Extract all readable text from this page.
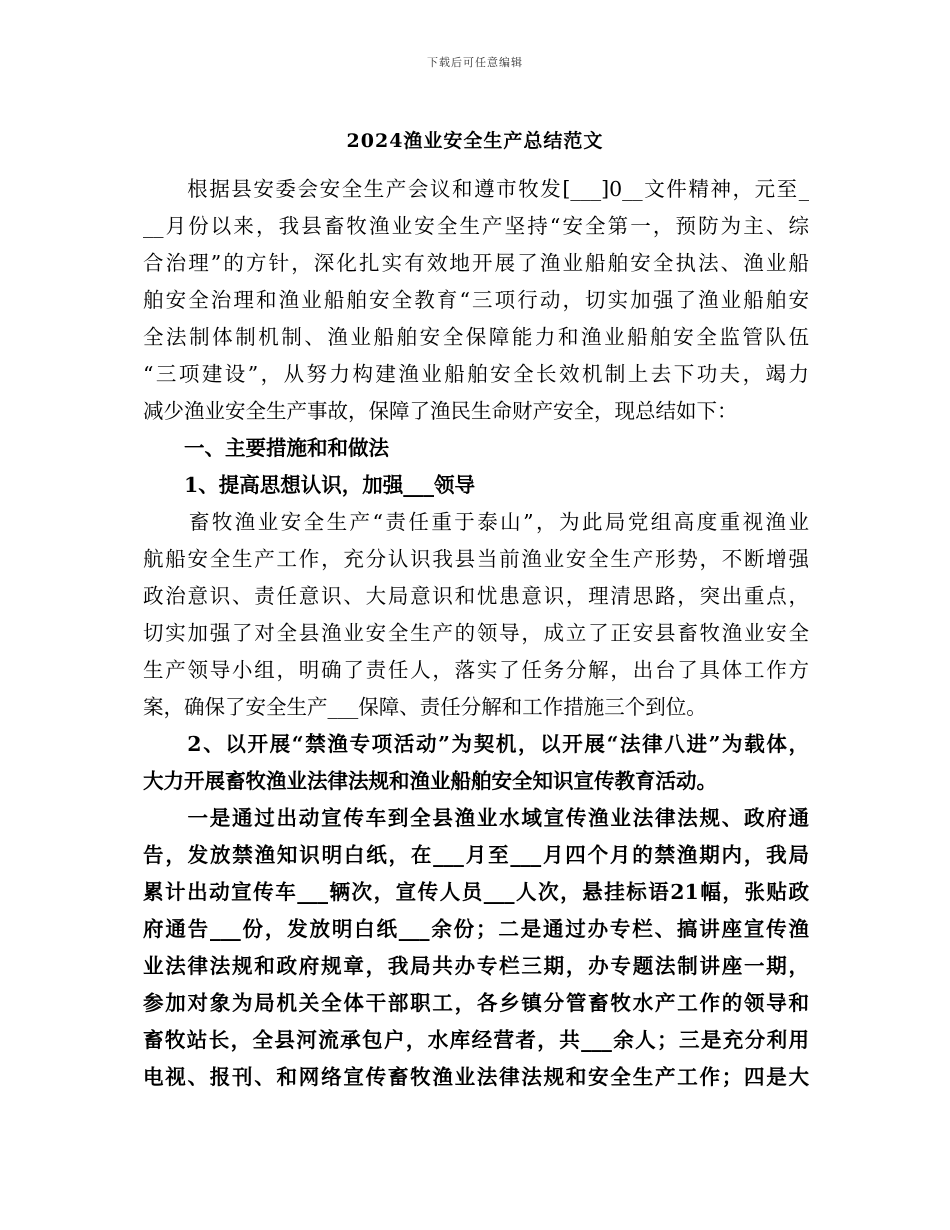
下载后可任意编辑
2024渔业安全生产总结范文
　　根据县安委会安全生产会议和遵市牧发[___]0__文件精神，元至_
__月份以来，我县畜牧渔业安全生产坚持“安全第一，预防为主、综
合治理”的方针，深化扎实有效地开展了渔业船舶安全执法、渔业船
舶安全治理和渔业船舶安全教育“三项行动，切实加强了渔业船舶安
全法制体制机制、渔业船舶安全保障能力和渔业船舶安全监管队伍
“三项建设”，从努力构建渔业船舶安全长效机制上去下功夫，竭力
减少渔业安全生产事故，保障了渔民生命财产安全，现总结如下：
　　一、主要措施和和做法
　　1、提高思想认识，加强___领导
　　畜牧渔业安全生产“责任重于泰山”，为此局党组高度重视渔业
航船安全生产工作，充分认识我县当前渔业安全生产形势，不断增强
政治意识、责任意识、大局意识和忧患意识，理清思路，突出重点，
切实加强了对全县渔业安全生产的领导，成立了正安县畜牧渔业安全
生产领导小组，明确了责任人，落实了任务分解，出台了具体工作方
案，确保了安全生产___保障、责任分解和工作措施三个到位。
　　2、以开展“禁渔专项活动”为契机，以开展“法律八进”为载体，
大力开展畜牧渔业法律法规和渔业船舶安全知识宣传教育活动。
　　一是通过出动宣传车到全县渔业水域宣传渔业法律法规、政府通
告，发放禁渔知识明白纸，在___月至___月四个月的禁渔期内，我局
累计出动宣传车___辆次，宣传人员___人次，悬挂标语21幅，张贴政
府通告___份，发放明白纸___余份；二是通过办专栏、搞讲座宣传渔
业法律法规和政府规章，我局共办专栏三期，办专题法制讲座一期，
参加对象为局机关全体干部职工，各乡镇分管畜牧水产工作的领导和
畜牧站长，全县河流承包户，水库经营者，共___余人；三是充分利用
电视、报刊、和网络宣传畜牧渔业法律法规和安全生产工作；四是大
